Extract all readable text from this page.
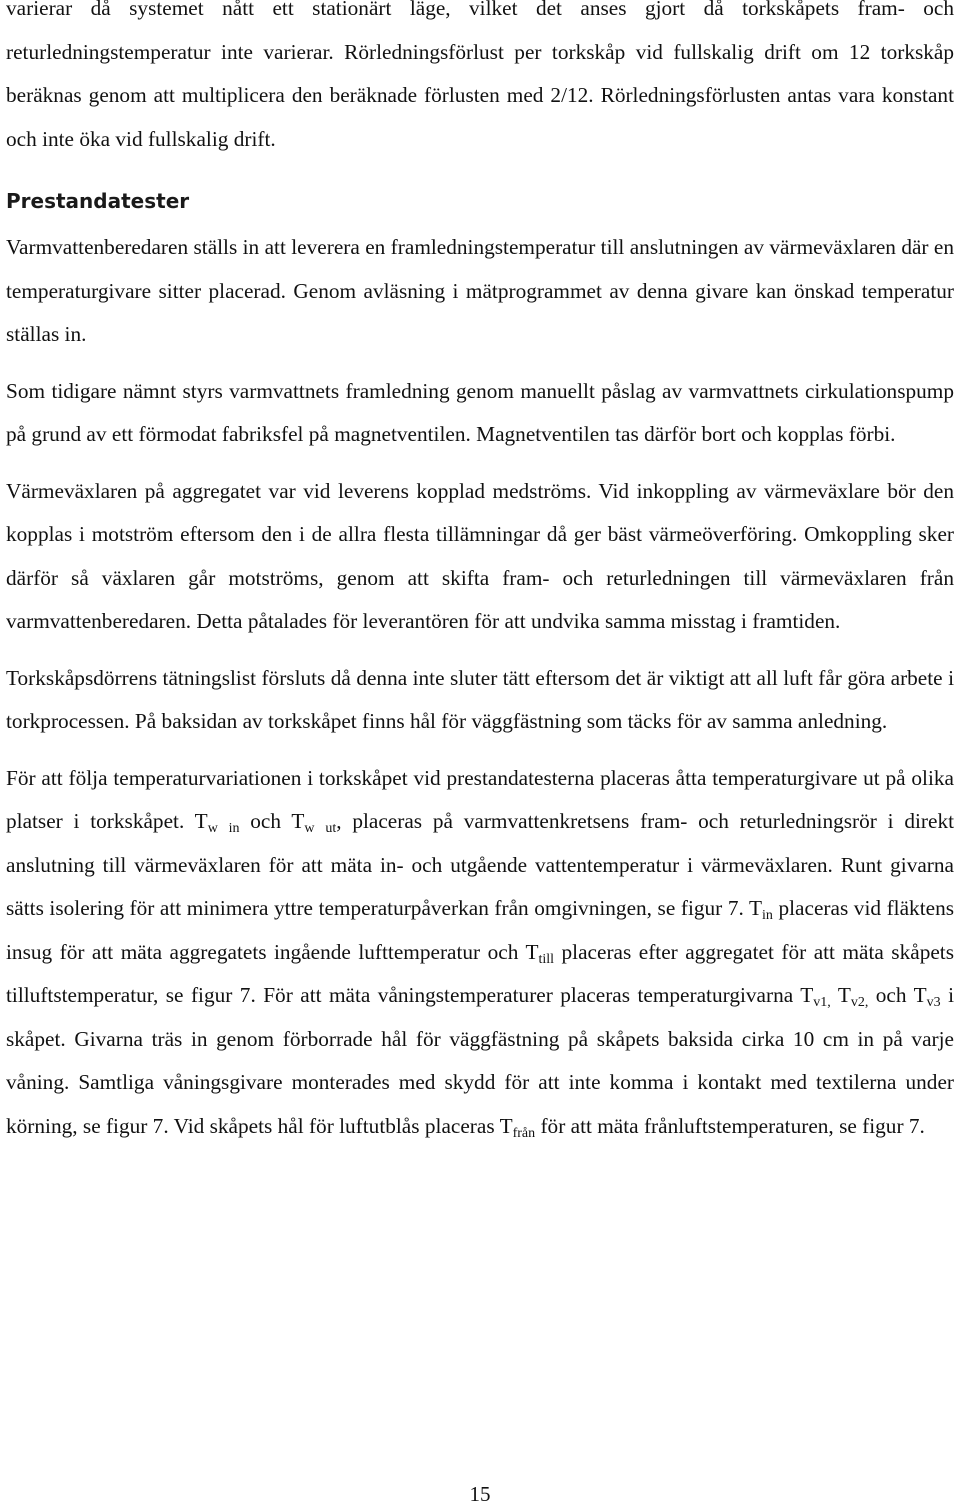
varierar då systemet nått ett stationärt läge, vilket det anses gjort då torkskåpets fram- och returledningstemperatur inte varierar. Rörledningsförlust per torkskåp vid fullskalig drift om 12 torkskåp beräknas genom att multiplicera den beräknade förlusten med 2/12. Rörledningsförlusten antas vara konstant och inte öka vid fullskalig drift.

Prestandatester

Varmvattenberedaren ställs in att leverera en framledningstemperatur till anslutningen av värmeväxlaren där en temperaturgivare sitter placerad. Genom avläsning i mätprogrammet av denna givare kan önskad temperatur ställas in.

Som tidigare nämnt styrs varmvattnets framledning genom manuellt påslag av varmvattnets cirkulationspump på grund av ett förmodat fabriksfel på magnetventilen. Magnetventilen tas därför bort och kopplas förbi.

Värmeväxlaren på aggregatet var vid leverens kopplad medströms. Vid inkoppling av värmeväxlare bör den kopplas i motström eftersom den i de allra flesta tillämningar då ger bäst värmeöverföring. Omkoppling sker därför så växlaren går motströms, genom att skifta fram- och returledningen till värmeväxlaren från varmvattenberedaren. Detta påtalades för leverantören för att undvika samma misstag i framtiden.

Torkskåpsdörrens tätningslist försluts då denna inte sluter tätt eftersom det är viktigt att all luft får göra arbete i torkprocessen. På baksidan av torkskåpet finns hål för väggfästning som täcks för av samma anledning.

För att följa temperaturvariationen i torkskåpet vid prestandatesterna placeras åtta temperaturgivare ut på olika platser i torkskåpet. $T_w$ $_{in}$ och $T_w$ $_{ut}$, placeras på varmvattenkretsens fram- och returledningsrör i direkt anslutning till värmeväxlaren för att mäta in- och utgående vattentemperatur i värmeväxlaren. Runt givarna sätts isolering för att minimera yttre temperaturpåverkan från omgivningen, se figur 7. $T_{in}$ placeras vid fläktens insug för att mäta aggregatets ingående lufttemperatur och $T_{till}$ placeras efter aggregatet för att mäta skåpets tilluftstemperatur, se figur 7. För att mäta våningstemperaturer placeras temperaturgivarna $T_{v1,}$ $T_{v2,}$ och $T_{v3}$ i skåpet. Givarna träs in genom förborrade hål för väggfästning på skåpets baksida cirka 10 cm in på varje våning. Samtliga våningsgivare monterades med skydd för att inte komma i kontakt med textilerna under körning, se figur 7. Vid skåpets hål för luftutblås placeras $T_{från}$ för att mäta frånluftstemperaturen, se figur 7.

15
